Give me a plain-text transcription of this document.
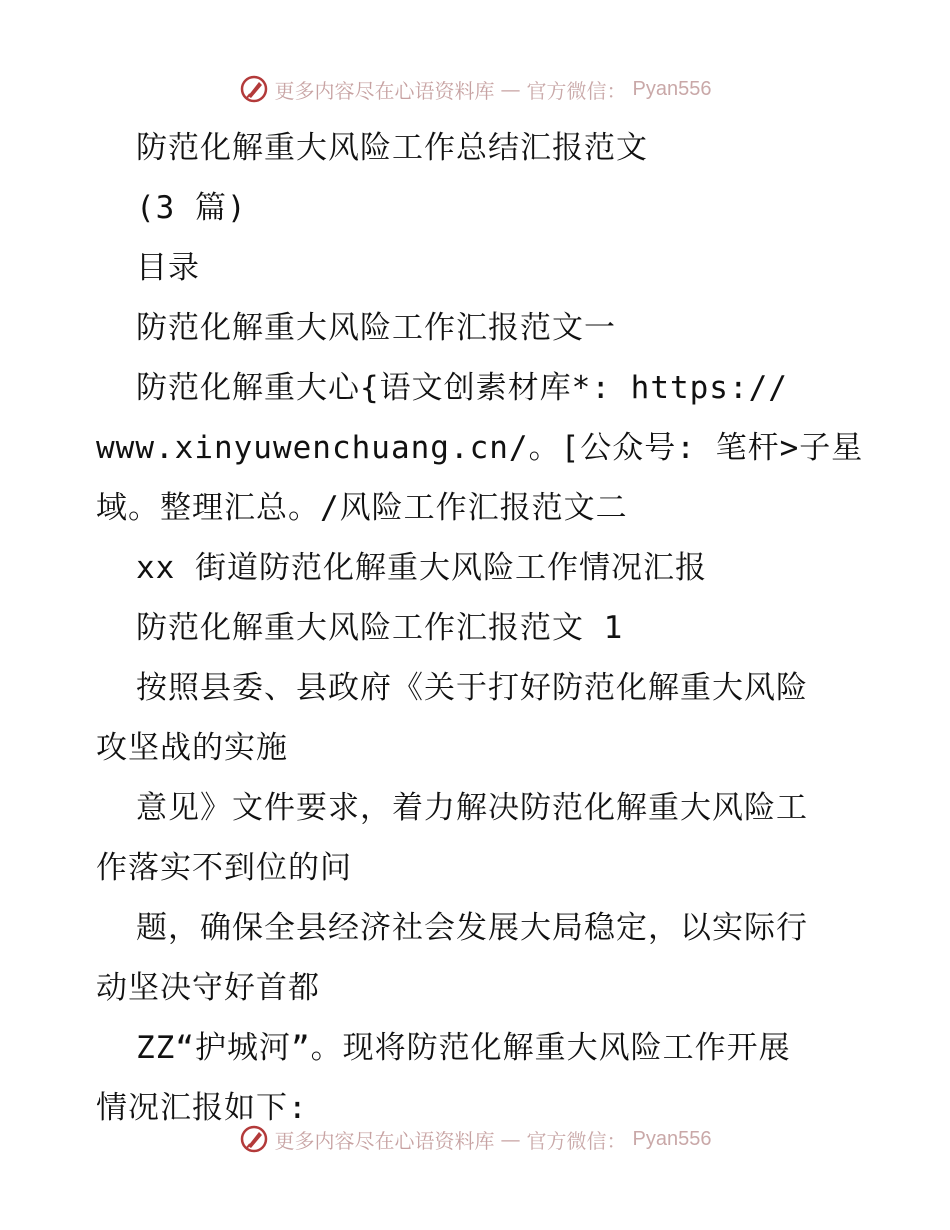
更多内容尽在心语资料库 — 官方微信： Pyan556

防范化解重大风险工作总结汇报范文

(3 篇)

目录

防范化解重大风险工作汇报范文一

防范化解重大心{语文创素材库*: https://

www.xinyuwenchuang.cn/。[公众号: 笔杆>子星

域。整理汇总。/风险工作汇报范文二

xx 街道防范化解重大风险工作情况汇报

防范化解重大风险工作汇报范文 1

按照县委、县政府《关于打好防范化解重大风险

攻坚战的实施

意见》文件要求，着力解决防范化解重大风险工

作落实不到位的问

题，确保全县经济社会发展大局稳定，以实际行

动坚决守好首都

ZZ“护城河”。现将防范化解重大风险工作开展

情况汇报如下:

更多内容尽在心语资料库 — 官方微信： Pyan556
